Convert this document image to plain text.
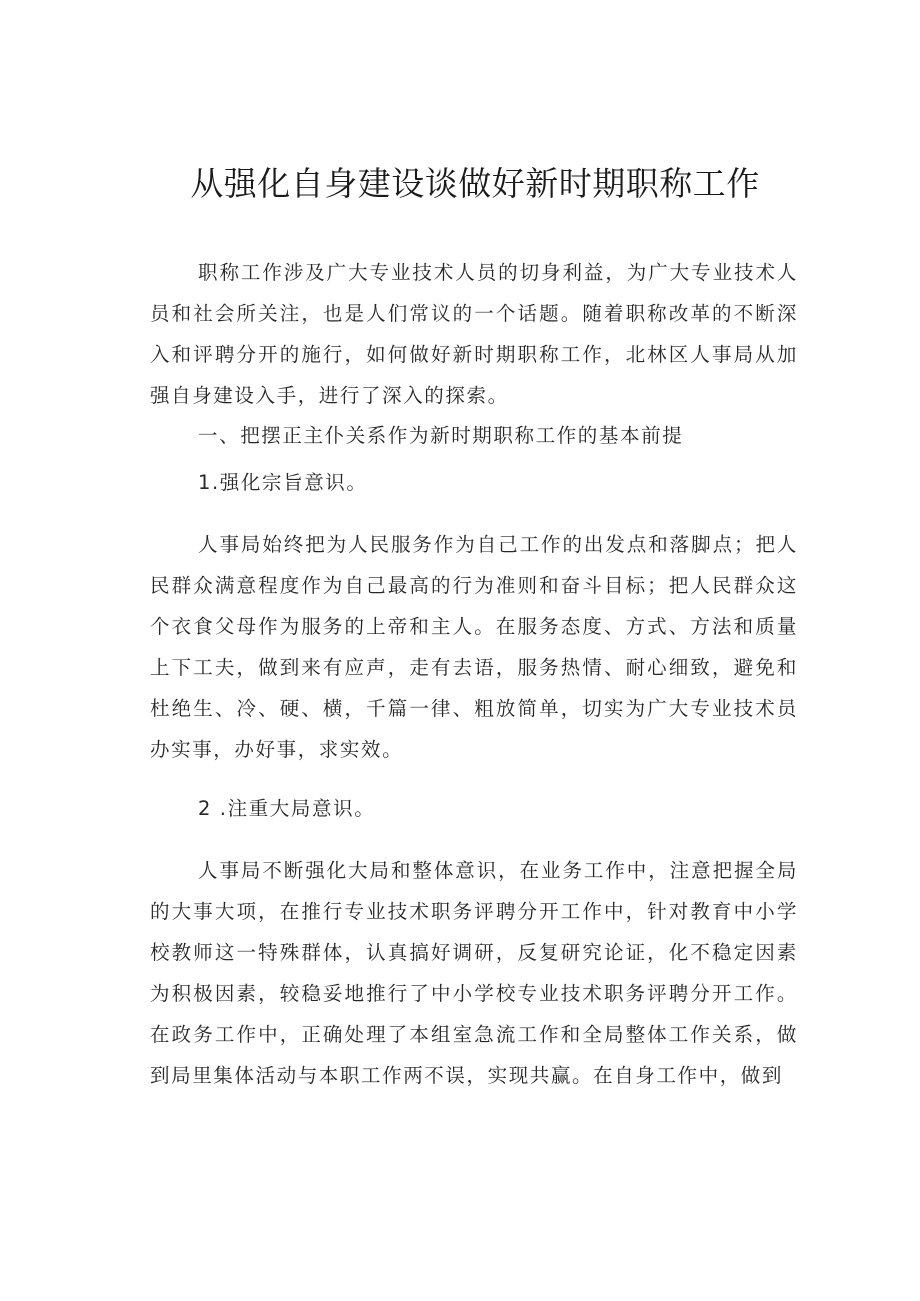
从强化自身建设谈做好新时期职称工作

职称工作涉及广大专业技术人员的切身利益，为广大专业技术人员和社会所关注，也是人们常议的一个话题。随着职称改革的不断深入和评聘分开的施行，如何做好新时期职称工作，北林区人事局从加强自身建设入手，进行了深入的探索。

一、把摆正主仆关系作为新时期职称工作的基本前提

1.强化宗旨意识。

人事局始终把为人民服务作为自己工作的出发点和落脚点；把人民群众满意程度作为自己最高的行为准则和奋斗目标；把人民群众这个衣食父母作为服务的上帝和主人。在服务态度、方式、方法和质量上下工夫，做到来有应声，走有去语，服务热情、耐心细致，避免和杜绝生、冷、硬、横，千篇一律、粗放简单，切实为广大专业技术员办实事，办好事，求实效。

2 .注重大局意识。

人事局不断强化大局和整体意识，在业务工作中，注意把握全局的大事大项，在推行专业技术职务评聘分开工作中，针对教育中小学校教师这一特殊群体，认真搞好调研，反复研究论证，化不稳定因素为积极因素，较稳妥地推行了中小学校专业技术职务评聘分开工作。在政务工作中，正确处理了本组室急流工作和全局整体工作关系，做到局里集体活动与本职工作两不误，实现共赢。在自身工作中，做到
